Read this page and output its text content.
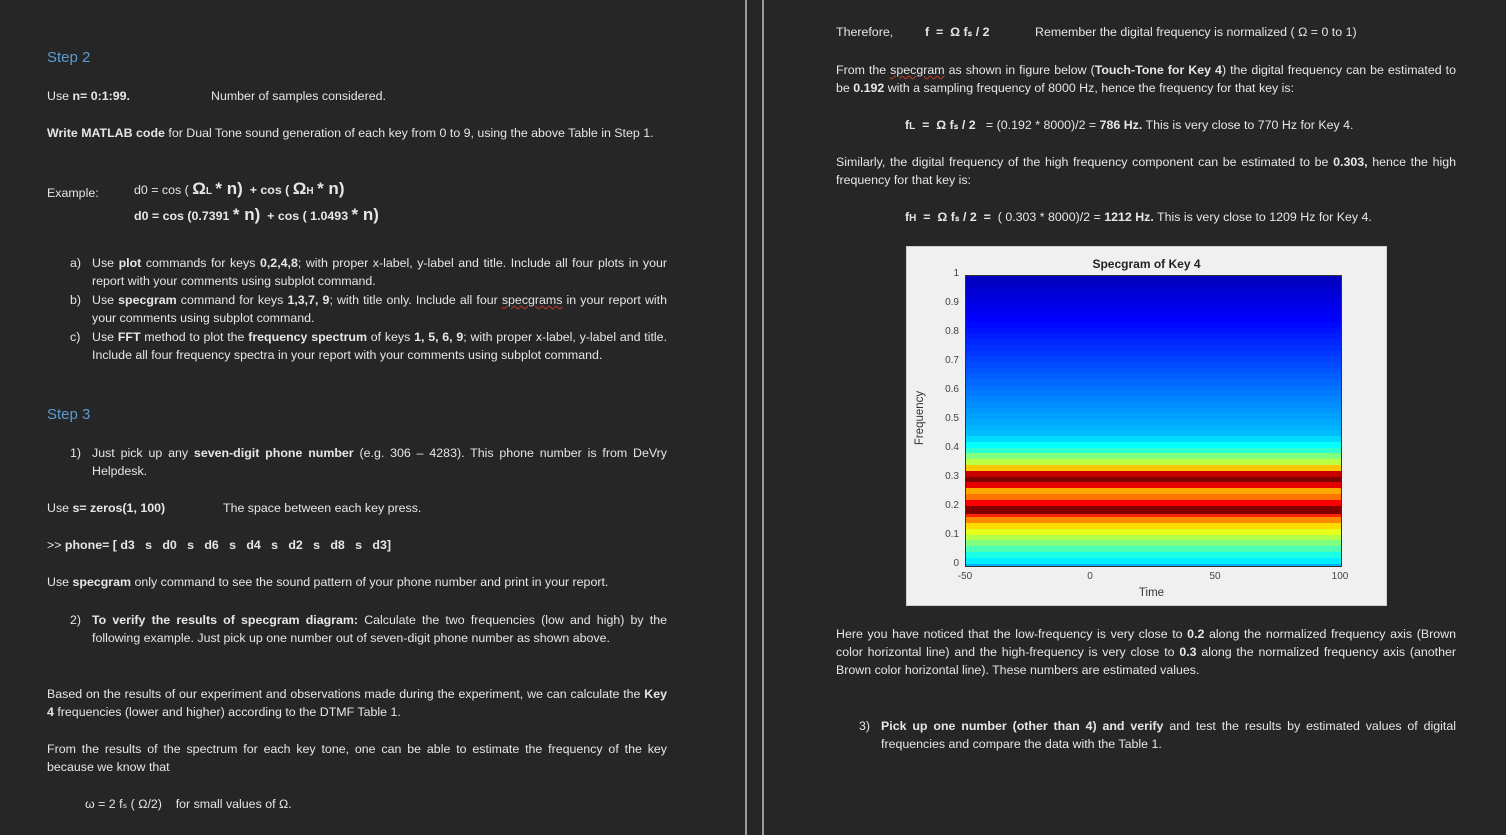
Step 2
Use n= 0:1:99.	Number of samples considered.
Write MATLAB code for Dual Tone sound generation of each key from 0 to 9, using the above Table in Step 1.
Example:	d0 = cos ( ΩL * n) + cos ( ΩH * n)
d0 = cos (0.7391 * n) + cos ( 1.0493 * n)
a) Use plot commands for keys 0,2,4,8; with proper x-label, y-label and title. Include all four plots in your report with your comments using subplot command.
b) Use specgram command for keys 1,3,7, 9; with title only. Include all four specgrams in your report with your comments using subplot command.
c) Use FFT method to plot the frequency spectrum of keys 1, 5, 6, 9; with proper x-label, y-label and title. Include all four frequency spectra in your report with your comments using subplot command.
Step 3
1) Just pick up any seven-digit phone number (e.g. 306 – 4283). This phone number is from DeVry Helpdesk.
Use s= zeros(1, 100)	The space between each key press.
>> phone= [ d3   s   d0   s   d6   s   d4   s   d2   s   d8   s   d3]
Use specgram only command to see the sound pattern of your phone number and print in your report.
2) To verify the results of specgram diagram: Calculate the two frequencies (low and high) by the following example. Just pick up one number out of seven-digit phone number as shown above.
Based on the results of our experiment and observations made during the experiment, we can calculate the Key 4 frequencies (lower and higher) according to the DTMF Table 1.
From the results of the spectrum for each key tone, one can be able to estimate the frequency of the key because we know that
ω = 2 fₛ ( Ω/2)    for small values of Ω.
Therefore,	f  =  Ω fₛ / 2	Remember the digital frequency is normalized ( Ω = 0 to 1)
From the specgram as shown in figure below (Touch-Tone for Key 4) the digital frequency can be estimated to be 0.192 with a sampling frequency of 8000 Hz, hence the frequency for that key is:
fL  =  Ω fₛ / 2   = (0.192 * 8000)/2 = 786 Hz. This is very close to 770 Hz for Key 4.
Similarly, the digital frequency of the high frequency component can be estimated to be 0.303, hence the high frequency for that key is:
fH  =  Ω fₛ / 2  =  ( 0.303 * 8000)/2 = 1212 Hz. This is very close to 1209 Hz for Key 4.
Specgram of Key 4
0
0.1
0.2
0.3
0.4
0.5
0.6
0.7
0.8
0.9
1
-50	0	50	100
Time
Frequency
Here you have noticed that the low-frequency is very close to 0.2 along the normalized frequency axis (Brown color horizontal line) and the high-frequency is very close to 0.3 along the normalized frequency axis (another Brown color horizontal line). These numbers are estimated values.
3) Pick up one number (other than 4) and verify and test the results by estimated values of digital frequencies and compare the data with the Table 1.
